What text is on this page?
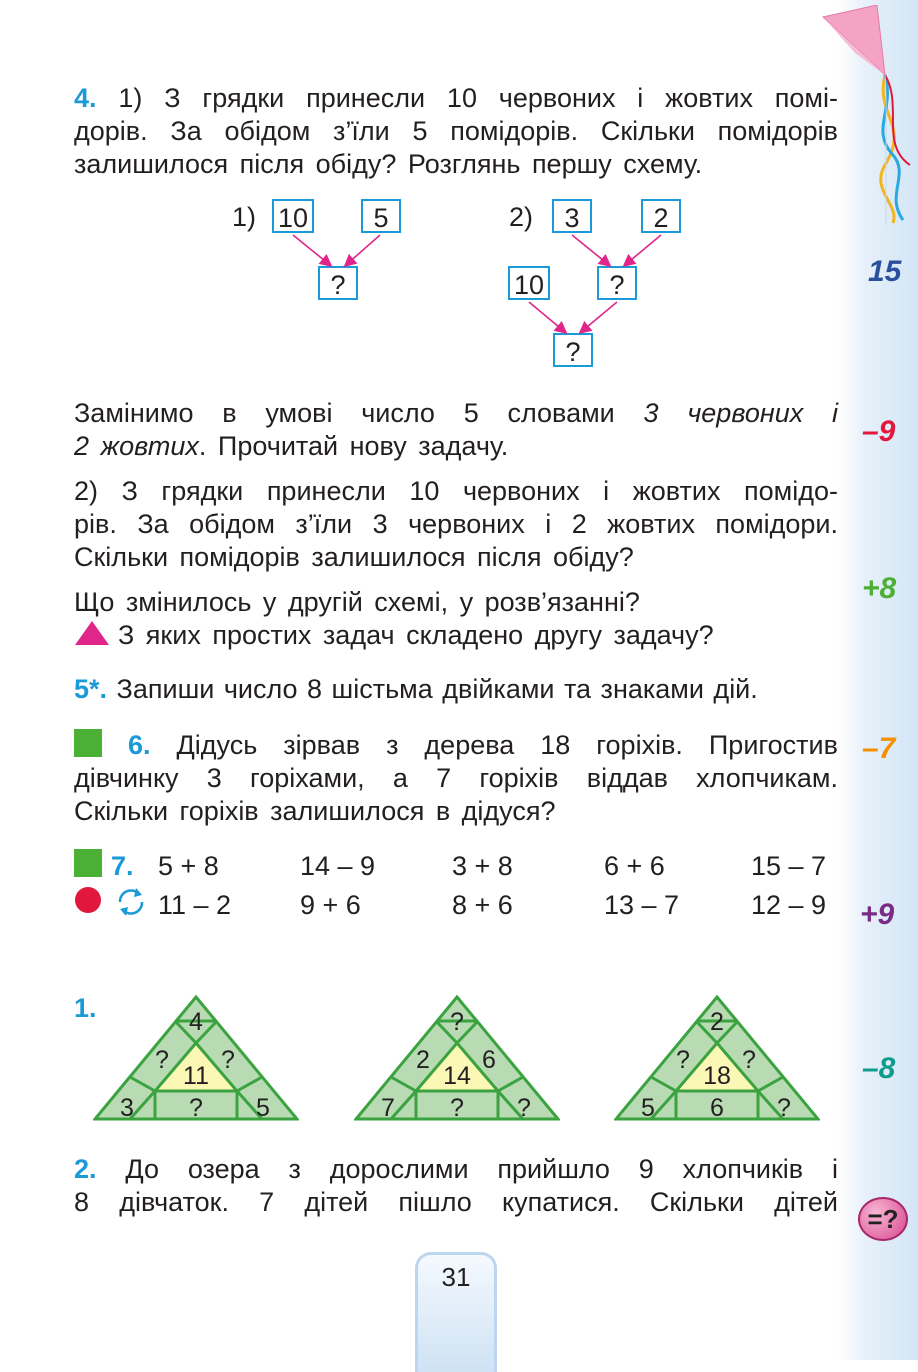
15
–9
+8
–7
+9
–8
=?
4. 1) З грядки принесли 10 червоних і жовтих помі-
дорів. За обідом з’їли 5 помідорів. Скільки помідорів
залишилося після обіду? Розглянь першу схему.
1) 10	5
?
2)	3	2
10	?
?
Замінимо в умові число 5 словами 3 червоних і
2 жовтих. Прочитай нову задачу.
2) З грядки принесли 10 червоних і жовтих помідо-
рів. За обідом з’їли 3 червоних і 2 жовтих помідори.
Скільки помідорів залишилося після обіду?
Що змінилось у другій схемі, у розв’язанні?
З яких простих задач складено другу задачу?
5*. Запиши число 8 шістьма двійками та знаками дій.
6. Дідусь зірвав з дерева 18 горіхів. Пригостив
дівчинку 3 горіхами, а 7 горіхів віддав хлопчикам.
Скільки горіхів залишилося в дідуся?
7. 5 + 8	14 – 9	3 + 8	6 + 6	15 – 7
11 – 2	9 + 6	8 + 6	13 – 7	12 – 9
1.	4
?	?
11
3	?	5
?
2	6
14
7	?	?
2
?	?
18
5	6	?
2. До озера з дорослими прийшло 9 хлопчиків і
8 дівчаток. 7 дітей пішло купатися. Скільки дітей
31
